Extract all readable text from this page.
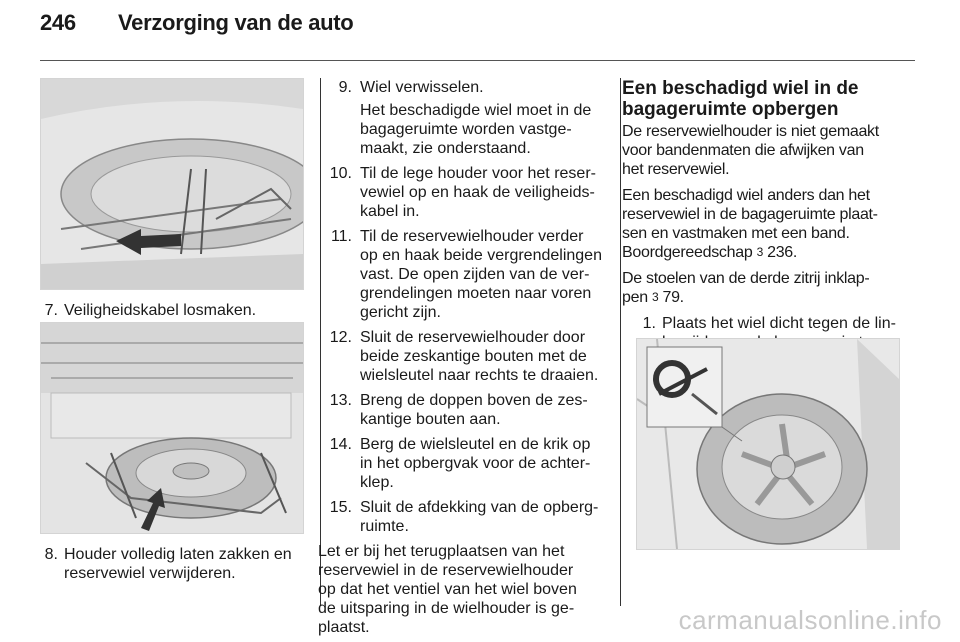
246 Verzorging van de auto
7. Veiligheidskabel losmaken.
8. Houder volledig laten zakken en
reservewiel verwijderen.
9. Wiel verwisselen.
Het beschadigde wiel moet in de
bagageruimte worden vastge-
maakt, zie onderstaand.
10. Til de lege houder voor het reser-
vewiel op en haak de veiligheids-
kabel in.
11. Til de reservewielhouder verder
op en haak beide vergrendelingen
vast. De open zijden van de ver-
grendelingen moeten naar voren
gericht zijn.
12. Sluit de reservewielhouder door
beide zeskantige bouten met de
wielsleutel naar rechts te draaien.
13. Breng de doppen boven de zes-
kantige bouten aan.
14. Berg de wielsleutel en de krik op
in het opbergvak voor de achter-
klep.
15. Sluit de afdekking van de opberg-
ruimte.
Let er bij het terugplaatsen van het
reservewiel in de reservewielhouder
op dat het ventiel van het wiel boven
de uitsparing in de wielhouder is ge-
plaatst.
Een beschadigd wiel in de
bagageruimte opbergen

De reservewielhouder is niet gemaakt
voor bandenmaten die afwijken van
het reservewiel.

Een beschadigd wiel anders dan het
reservewiel in de bagageruimte plaat-
sen en vastmaken met een band.
Boordgereedschap 3 236.

De stoelen van de derde zitrij inklap-
pen 3 79.

1. Plaats het wiel dicht tegen de lin-

carmanualsonline.info
